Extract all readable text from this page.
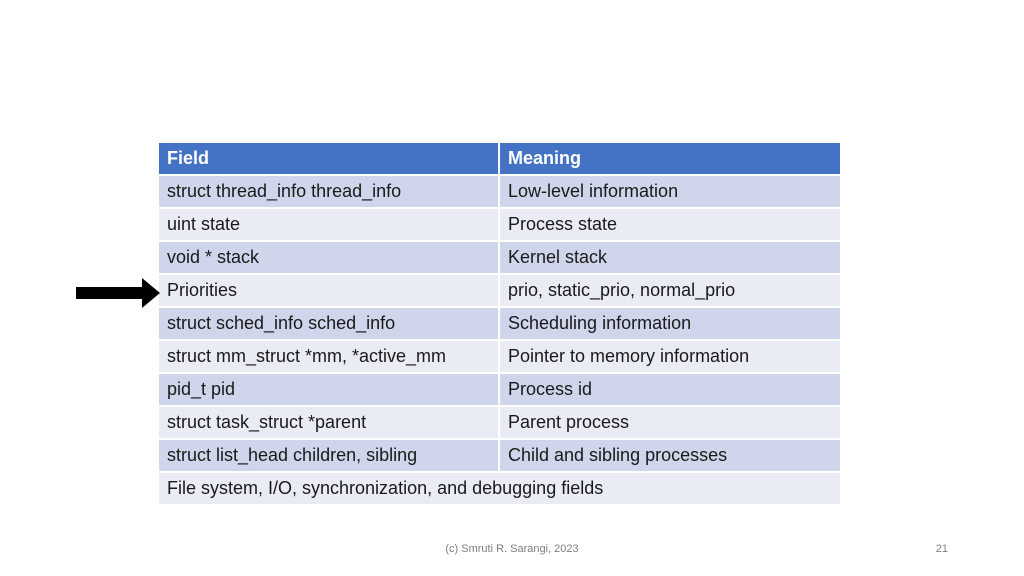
Field	Meaning
struct thread_info thread_info	Low-level information
uint state	Process state
void * stack	Kernel stack
Priorities	prio, static_prio, normal_prio
struct sched_info sched_info	Scheduling information
struct mm_struct *mm, *active_mm	Pointer to memory information
pid_t pid	Process id
struct task_struct *parent	Parent process
struct list_head children, sibling	Child and sibling processes
File system, I/O, synchronization, and debugging fields	
(c) Smruti R. Sarangi, 2023	21
